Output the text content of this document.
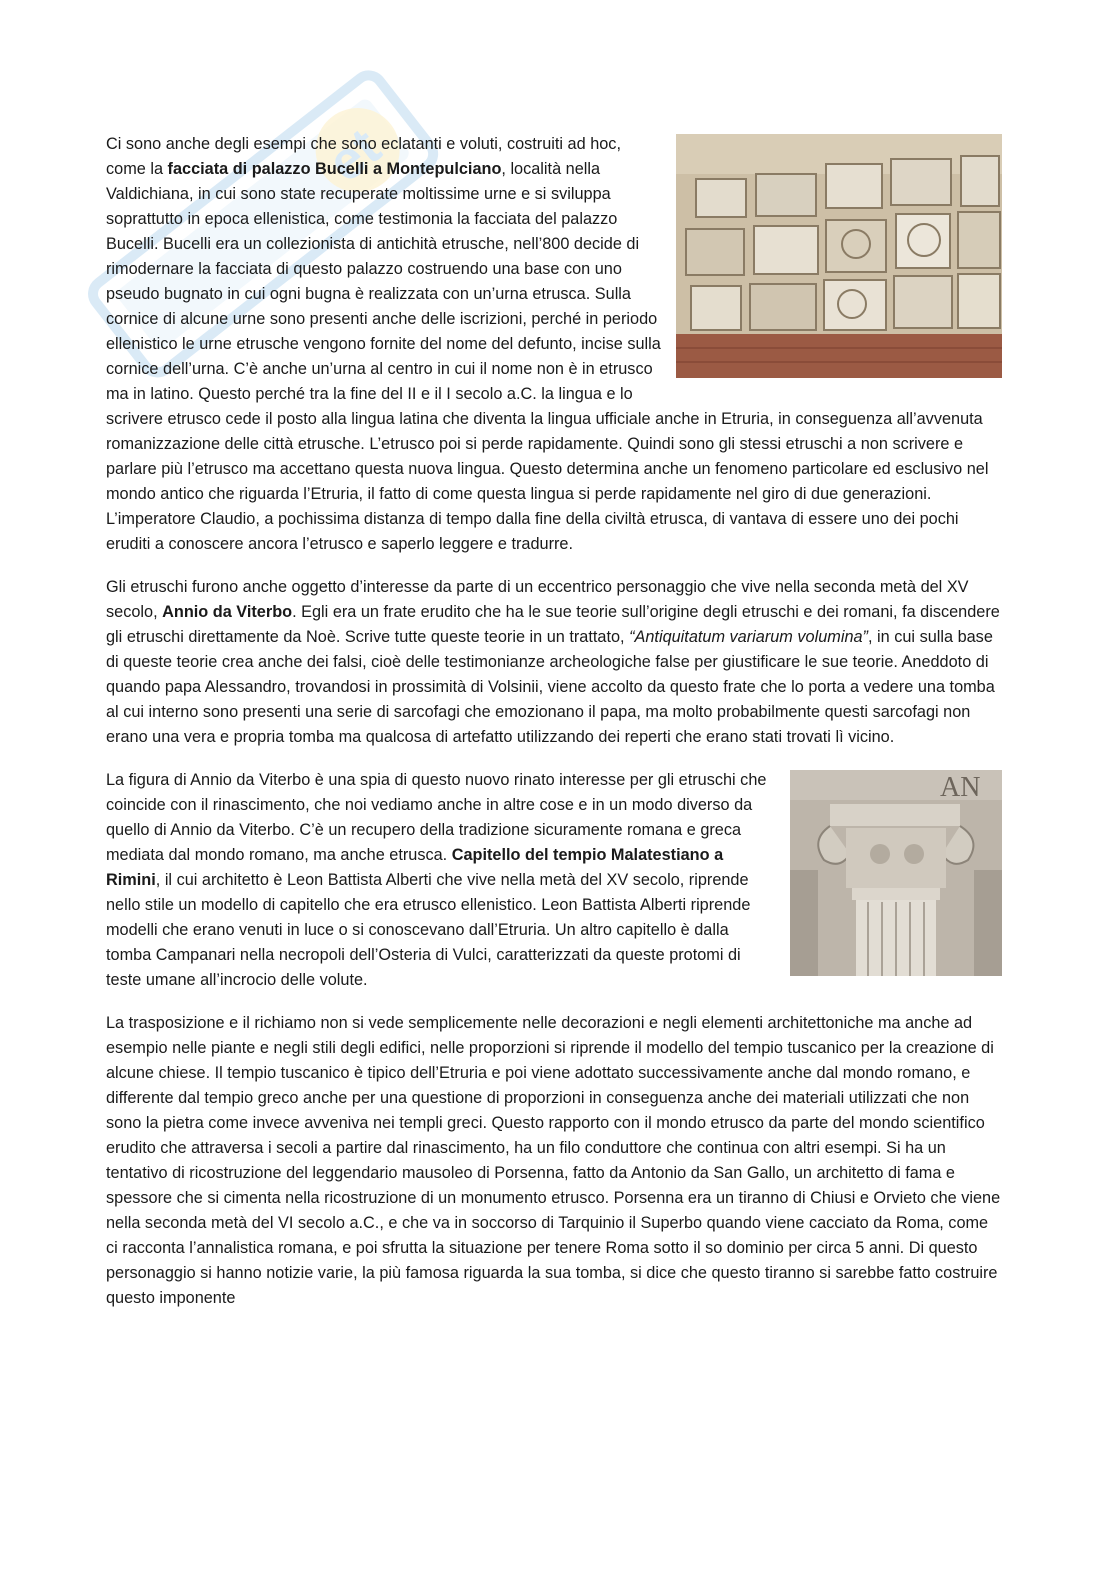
et

Ci sono anche degli esempi che sono eclatanti e voluti, costruiti ad hoc, come la facciata di palazzo Bucelli a Montepulciano, località nella Valdichiana, in cui sono state recuperate moltissime urne e si sviluppa soprattutto in epoca ellenistica, come testimonia la facciata del palazzo Bucelli. Bucelli era un collezionista di antichità etrusche, nell’800 decide di rimodernare la facciata di questo palazzo costruendo una base con uno pseudo bugnato in cui ogni bugna è realizzata con un’urna etrusca. Sulla cornice di alcune urne sono presenti anche delle iscrizioni, perché in periodo ellenistico le urne etrusche vengono fornite del nome del defunto, incise sulla cornice dell’urna. C’è anche un’urna al centro in cui il nome non è in etrusco ma in latino. Questo perché tra la fine del II e il I secolo a.C. la lingua e lo scrivere etrusco cede il posto alla lingua latina che diventa la lingua ufficiale anche in Etruria, in conseguenza all’avvenuta romanizzazione delle città etrusche. L’etrusco poi si perde rapidamente. Quindi sono gli stessi etruschi a non scrivere e parlare più l’etrusco ma accettano questa nuova lingua. Questo determina anche un fenomeno particolare ed esclusivo nel mondo antico che riguarda l’Etruria, il fatto di come questa lingua si perde rapidamente nel giro di due generazioni. L’imperatore Claudio, a pochissima distanza di tempo dalla fine della civiltà etrusca, di vantava di essere uno dei pochi eruditi a conoscere ancora l’etrusco e saperlo leggere e tradurre.

Gli etruschi furono anche oggetto d’interesse da parte di un eccentrico personaggio che vive nella seconda metà del XV secolo, Annio da Viterbo. Egli era un frate erudito che ha le sue teorie sull’origine degli etruschi e dei romani, fa discendere gli etruschi direttamente da Noè. Scrive tutte queste teorie in un trattato, “Antiquitatum variarum volumina”, in cui sulla base di queste teorie crea anche dei falsi, cioè delle testimonianze archeologiche false per giustificare le sue teorie. Aneddoto di quando papa Alessandro, trovandosi in prossimità di Volsinii, viene accolto da questo frate che lo porta a vedere una tomba al cui interno sono presenti una serie di sarcofagi che emozionano il papa, ma molto probabilmente questi sarcofagi non erano una vera e propria tomba ma qualcosa di artefatto utilizzando dei reperti che erano stati trovati lì vicino.

AN
La figura di Annio da Viterbo è una spia di questo nuovo rinato interesse per gli etruschi che coincide con il rinascimento, che noi vediamo anche in altre cose e in un modo diverso da quello di Annio da Viterbo. C’è un recupero della tradizione sicuramente romana e greca mediata dal mondo romano, ma anche etrusca. Capitello del tempio Malatestiano a Rimini, il cui architetto è Leon Battista Alberti che vive nella metà del XV secolo, riprende nello stile un modello di capitello che era etrusco ellenistico. Leon Battista Alberti riprende modelli che erano venuti in luce o si conoscevano dall’Etruria. Un altro capitello è dalla tomba Campanari nella necropoli dell’Osteria di Vulci, caratterizzati da queste protomi di teste umane all’incrocio delle volute.

La trasposizione e il richiamo non si vede semplicemente nelle decorazioni e negli elementi architettoniche ma anche ad esempio nelle piante e negli stili degli edifici, nelle proporzioni si riprende il modello del tempio tuscanico per la creazione di alcune chiese. Il tempio tuscanico è tipico dell’Etruria e poi viene adottato successivamente anche dal mondo romano, e differente dal tempio greco anche per una questione di proporzioni in conseguenza anche dei materiali utilizzati che non sono la pietra come invece avveniva nei templi greci. Questo rapporto con il mondo etrusco da parte del mondo scientifico erudito che attraversa i secoli a partire dal rinascimento, ha un filo conduttore che continua con altri esempi. Si ha un tentativo di ricostruzione del leggendario mausoleo di Porsenna, fatto da Antonio da San Gallo, un architetto di fama e spessore che si cimenta nella ricostruzione di un monumento etrusco. Porsenna era un tiranno di Chiusi e Orvieto che viene nella seconda metà del VI secolo a.C., e che va in soccorso di Tarquinio il Superbo quando viene cacciato da Roma, come ci racconta l’annalistica romana, e poi sfrutta la situazione per tenere Roma sotto il so dominio per circa 5 anni. Di questo personaggio si hanno notizie varie, la più famosa riguarda la sua tomba, si dice che questo tiranno si sarebbe fatto costruire questo imponente
